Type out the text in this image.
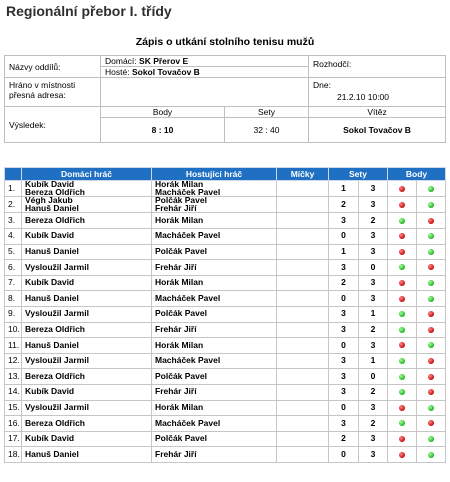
Regionální přebor I. třídy
Zápis o utkání stolního tenisu mužů
Názvy oddílů:	Domácí: SK Přerov E		Rozhodčí:
	Hosté: Sokol Tovačov B		
Hráno v místnosti přesná adresa:			Dne:
21.2.10 10:00

Výsledek:	Body	Sety	Vítěz
	8 : 10	32 : 40	Sokol Tovačov B
	Domácí hráč	Hostující hráč	Míčky	Sety		Body	
1.	Kubík David
Bereza Oldřich	Horák Milan
Macháček Pavel		1	3		
2.	Végh Jakub
Hanuš Daniel	Polčák Pavel
Frehár Jiří		2	3		
3.	Bereza Oldřich	Horák Milan		3	2		
4.	Kubík David	Macháček Pavel		0	3		
5.	Hanuš Daniel	Polčák Pavel		1	3		
6.	Vysloužil Jarmil	Frehár Jiří		3	0		
7.	Kubík David	Horák Milan		2	3		
8.	Hanuš Daniel	Macháček Pavel		0	3		
9.	Vysloužil Jarmil	Polčák Pavel		3	1		
10.	Bereza Oldřich	Frehár Jiří		3	2		
11.	Hanuš Daniel	Horák Milan		0	3		
12.	Vysloužil Jarmil	Macháček Pavel		3	1		
13.	Bereza Oldřich	Polčák Pavel		3	0		
14.	Kubík David	Frehár Jiří		3	2		
15.	Vysloužil Jarmil	Horák Milan		0	3		
16.	Bereza Oldřich	Macháček Pavel		3	2		
17.	Kubík David	Polčák Pavel		2	3		
18.	Hanuš Daniel	Frehár Jiří		0	3		
